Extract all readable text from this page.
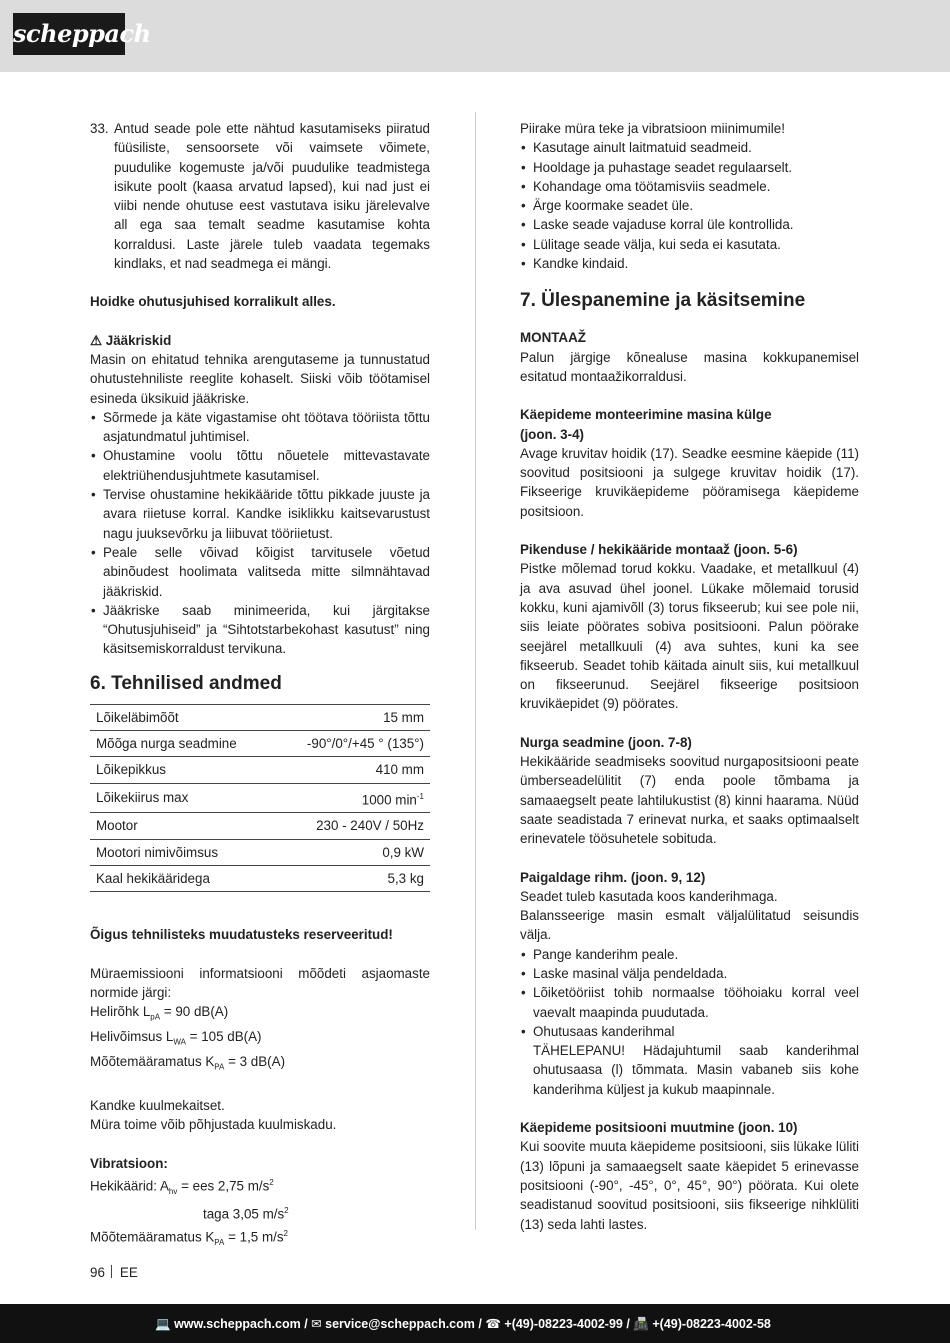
scheppach
33. Antud seade pole ette nähtud kasutamiseks piiratud füüsiliste, sensoorsete või vaimsete võimete, puudulike kogemuste ja/või puudulike teadmistega isikute poolt (kaasa arvatud lapsed), kui nad just ei viibi nende ohutuse eest vastutava isiku järelevalve all ega saa temalt seadme kasutamise kohta korraldusi. Laste järele tuleb vaadata tegemaks kindlaks, et nad seadmega ei mängi.

Hoidke ohutusjuhised korralikult alles.

⚠ Jääkriskid

Masin on ehitatud tehnika arengutaseme ja tunnustatud ohutustehniliste reeglite kohaselt. Siiski võib töötamisel esineda üksikuid jääkriske.

• Sõrmede ja käte vigastamise oht töötava tööriista tõttu asjatundmatul juhtimisel.
• Ohustamine voolu tõttu nõuetele mittevastavate elektriühendusjuhtmete kasutamisel.
• Tervise ohustamine hekikääride tõttu pikkade juuste ja avara riietuse korral. Kandke isiklikku kaitsevarustust nagu juuksevõrku ja liibuvat tööriietust.
• Peale selle võivad kõigist tarvitusele võetud abinõudest hoolimata valitseda mitte silmnähtavad jääkriskid.
• Jääkriske saab minimeerida, kui järgitakse “Ohutusjuhiseid” ja “Sihtotstarbekohast kasutust” ning käsitsemiskorraldust tervikuna.
6. Tehnilised andmed
Lõikeläbimõõt	15 mm
Mõõga nurga seadmine	-90°/0°/+45 ° (135°)
Lõikepikkus	410 mm
Lõikekiirus max	1000 $\min^{-1}$
Mootor	230 - 240V / 50Hz
Mootori nimivõimsus	0,9 kW
Kaal hekikääridega	5,3 kg

Õigus tehnilisteks muudatusteks reserveeritud!

Müraemissiooni informatsiooni mõõdeti asjaomaste normide järgi:

Helirõhk $L_{pA} = 90$ dB(A)

Helivõimsus $L_{WA} = 105$ dB(A)

Mõõtemääramatus $K_{PA} = 3$ dB(A)

Kandke kuulmekaitset.

Müra toime võib põhjustada kuulmiskadu.

Vibratsioon:

Hekikäärid: $A_{hv}$ = ees 2,75 $m/s^2$

taga 3,05 $m/s^2$

Mõõtemääramatus $K_{PA} = 1,5$ $m/s^2$

Piirake müra teke ja vibratsioon miinimumile!

• Kasutage ainult laitmatuid seadmeid.
• Hooldage ja puhastage seadet regulaarselt.
• Kohandage oma töötamisviis seadmele.
• Ärge koormake seadet üle.
• Laske seade vajaduse korral üle kontrollida.
• Lülitage seade välja, kui seda ei kasutata.
• Kandke kindaid.
7. Ülespanemine ja käsitsemine

MONTAAŽ

Palun järgige kõnealuse masina kokkupanemisel esitatud montaažikorraldusi.

Käepideme monteerimine masina külge

(joon. 3-4)

Avage kruvitav hoidik (17). Seadke eesmine käepide (11) soovitud positsiooni ja sulgege kruvitav hoidik (17). Fikseerige kruvikäepideme pööramisega käepideme positsioon.

Pikenduse / hekikääride montaaž (joon. 5-6)

Pistke mõlemad torud kokku. Vaadake, et metallkuul (4) ja ava asuvad ühel joonel. Lükake mõlemaid torusid kokku, kuni ajamivõll (3) torus fikseerub; kui see pole nii, siis leiate pöörates sobiva positsiooni. Palun pöörake seejärel metallkuuli (4) ava suhtes, kuni ka see fikseerub. Seadet tohib käitada ainult siis, kui metallkuul on fikseerunud. Seejärel fikseerige positsioon kruvikäepidet (9) pöörates.

Nurga seadmine (joon. 7-8)

Hekikääride seadmiseks soovitud nurgapositsiooni peate ümberseadelülitit (7) enda poole tõmbama ja samaaegselt peate lahtilukustist (8) kinni haarama. Nüüd saate seadistada 7 erinevat nurka, et saaks optimaalselt erinevatele töösuhetele sobituda.

Paigaldage rihm. (joon. 9, 12)

Seadet tuleb kasutada koos kanderihmaga.

Balansseerige masin esmalt väljalülitatud seisundis välja.

• Pange kanderihm peale.
• Laske masinal välja pendeldada.
• Lõiketööriist tohib normaalse tööhoiaku korral veel vaevalt maapinda puudutada.
• Ohutusaas kanderihmal

TÄHELEPANU! Hädajuhtumil saab kanderihmal ohutusaasa (l) tõmmata. Masin vabaneb siis kohe kanderihma küljest ja kukub maapinnale.

Käepideme positsiooni muutmine (joon. 10)

Kui soovite muuta käepideme positsiooni, siis lükake lüliti (13) lõpuni ja samaaegselt saate käepidet 5 erinevasse positsiooni (-90°, -45°, 0°, 45°, 90°) pöörata. Kui olete seadistanud soovitud positsiooni, siis fikseerige nihklüliti (13) seda lahti lastes.

96 EE
💻 www.scheppach.com / ✉ service@scheppach.com / ☎ +(49)-08223-4002-99 / 📠 +(49)-08223-4002-58
